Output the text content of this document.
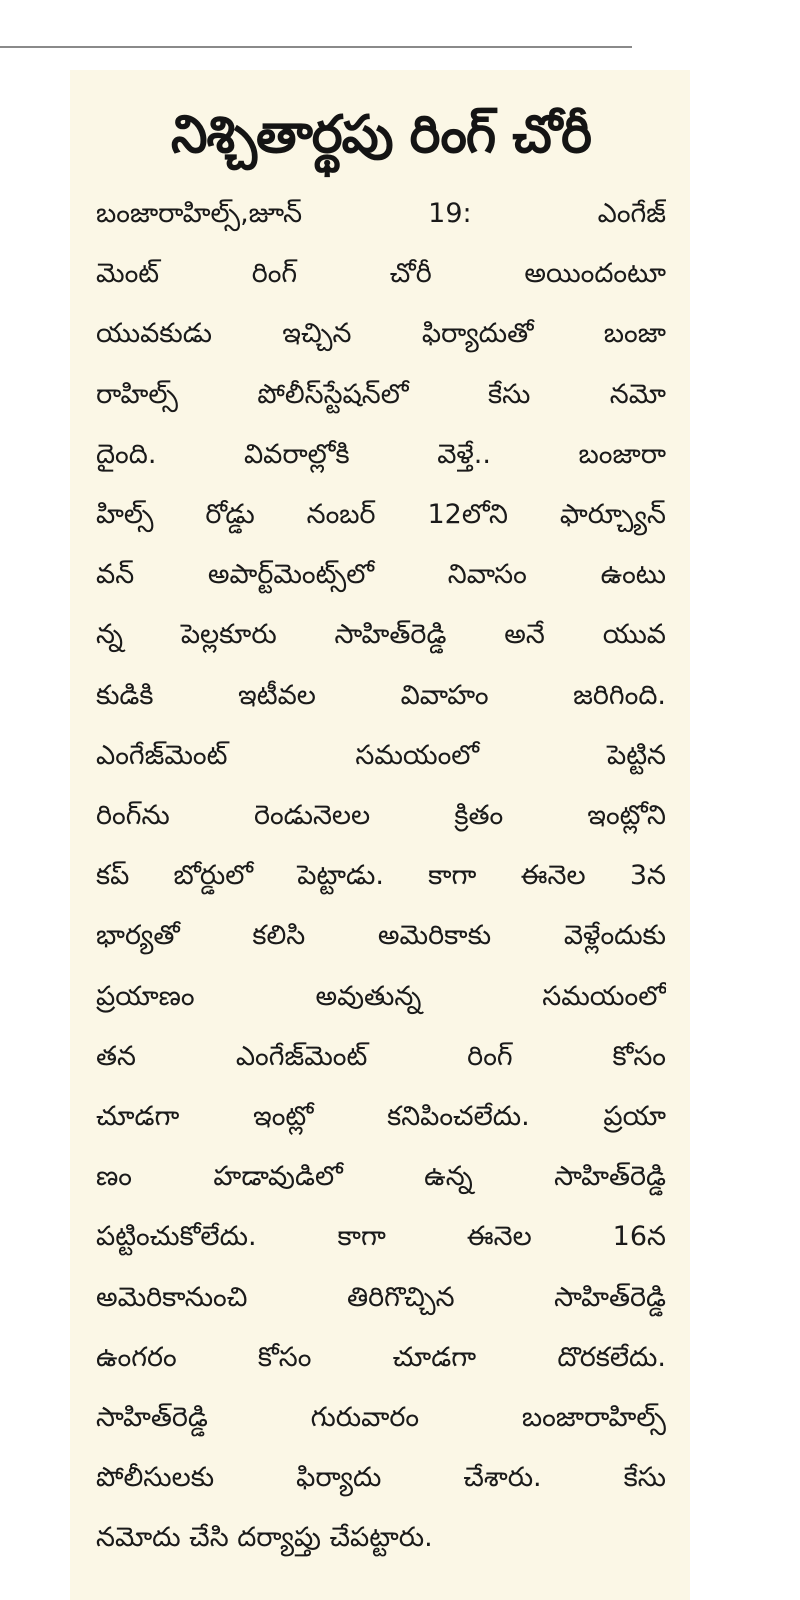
నిశ్చితార్థపు రింగ్ చోరీ
బంజారాహిల్స్,జూన్ 19: ఎంగేజ్
మెంట్ రింగ్ చోరీ అయిందంటూ
యువకుడు ఇచ్చిన ఫిర్యాదుతో బంజా
రాహిల్స్ పోలీస్‌స్టేషన్‌లో కేసు నమో
దైంది. వివరాల్లోకి వెళ్తే.. బంజారా
హిల్స్ రోడ్డు నంబర్ 12లోని ఫార్చ్యూన్
వన్ అపార్ట్‌మెంట్స్‌లో నివాసం ఉంటు
న్న పెల్లకూరు సాహిత్‌రెడ్డి అనే యువ
కుడికి ఇటీవల వివాహం జరిగింది.
ఎంగేజ్‌మెంట్ సమయంలో పెట్టిన
రింగ్‌ను రెండునెలల క్రితం ఇంట్లోని
కప్ బోర్డులో పెట్టాడు. కాగా ఈనెల 3న
భార్యతో కలిసి అమెరికాకు వెళ్లేందుకు
ప్రయాణం అవుతున్న సమయంలో
తన ఎంగేజ్‌మెంట్ రింగ్ కోసం
చూడగా ఇంట్లో కనిపించలేదు. ప్రయా
ణం హడావుడిలో ఉన్న సాహిత్‌రెడ్డి
పట్టించుకోలేదు. కాగా ఈనెల 16న
అమెరికానుంచి తిరిగొచ్చిన సాహిత్‌రెడ్డి
ఉంగరం కోసం చూడగా దొరకలేదు.
సాహిత్‌రెడ్డి గురువారం బంజారాహిల్స్
పోలీసులకు ఫిర్యాదు చేశారు. కేసు
నమోదు చేసి దర్యాప్తు చేపట్టారు.
